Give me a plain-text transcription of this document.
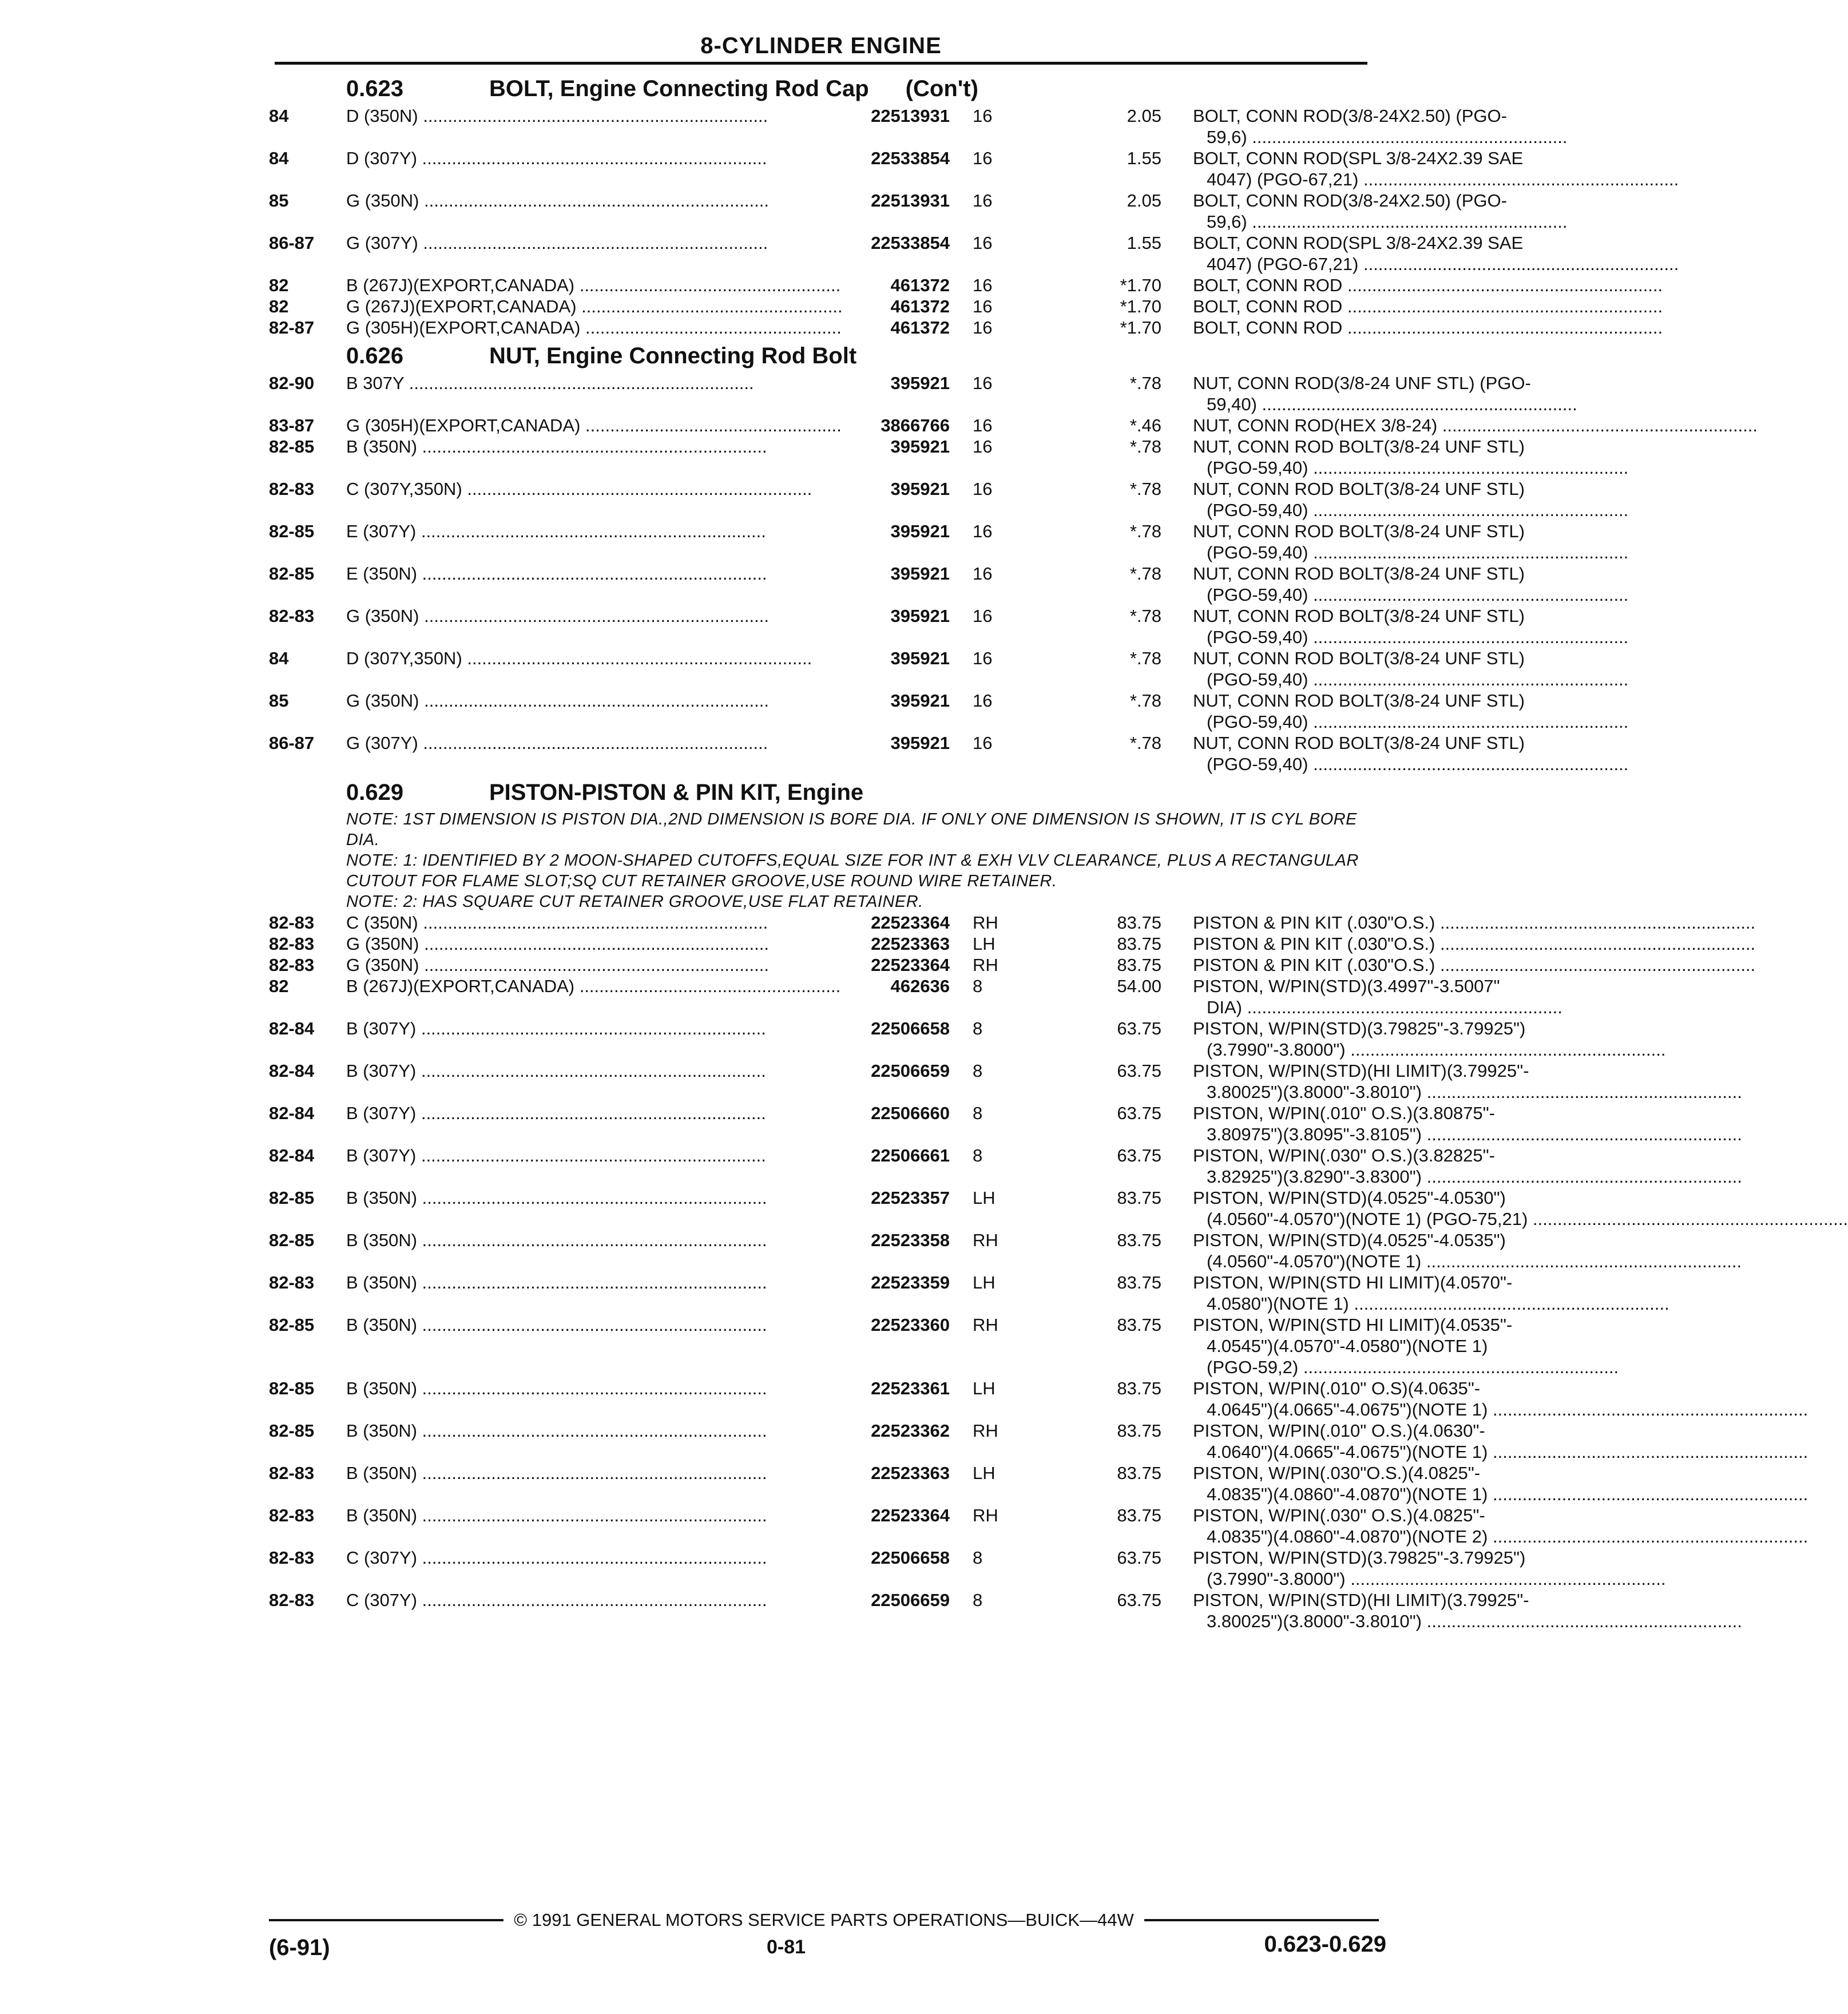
8-CYLINDER ENGINE
0.623	BOLT, Engine Connecting Rod Cap (Con't)
84	D (350N) .....	22513931 16	2.05 BOLT, CONN ROD(3/8-24X2.50) (PGO-
59,6) .....
84	D (307Y) .....	22533854 16	1.55 BOLT, CONN ROD(SPL 3/8-24X2.39 SAE
4047) (PGO-67,21) .....
85	G (350N) .....	22513931 16	2.05 BOLT, CONN ROD(3/8-24X2.50) (PGO-
59,6) .....
86-87 G (307Y) .....	22533854 16	1.55 BOLT, CONN ROD(SPL 3/8-24X2.39 SAE
4047) (PGO-67,21) .....
82	B (267J)(EXPORT,CANADA) .....	461372 16	*1.70 BOLT, CONN ROD .....
82	G (267J)(EXPORT,CANADA) .....	461372 16	*1.70 BOLT, CONN ROD .....
82-87 G (305H)(EXPORT,CANADA) .....	461372 16	*1.70 BOLT, CONN ROD .....
0.626	NUT, Engine Connecting Rod Bolt
82-90 B 307Y .....	395921 16	*.78 NUT, CONN ROD(3/8-24 UNF STL) (PGO-
59,40) .....
83-87 G (305H)(EXPORT,CANADA) .....	3866766 16	*.46 NUT, CONN ROD(HEX 3/8-24) .....
82-85 B (350N) .....	395921 16	*.78 NUT, CONN ROD BOLT(3/8-24 UNF STL)
(PGO-59,40) .....
82-83 C (307Y,350N) .....	395921 16	*.78 NUT, CONN ROD BOLT(3/8-24 UNF STL)
(PGO-59,40) .....
82-85 E (307Y) .....	395921 16	*.78 NUT, CONN ROD BOLT(3/8-24 UNF STL)
(PGO-59,40) .....
82-85 E (350N) .....	395921 16	*.78 NUT, CONN ROD BOLT(3/8-24 UNF STL)
(PGO-59,40) .....
82-83 G (350N) .....	395921 16	*.78 NUT, CONN ROD BOLT(3/8-24 UNF STL)
(PGO-59,40) .....
84	D (307Y,350N) .....	395921 16	*.78 NUT, CONN ROD BOLT(3/8-24 UNF STL)
(PGO-59,40) .....
85	G (350N) .....	395921 16	*.78 NUT, CONN ROD BOLT(3/8-24 UNF STL)
(PGO-59,40) .....
86-87 G (307Y) .....	395921 16	*.78 NUT, CONN ROD BOLT(3/8-24 UNF STL)
(PGO-59,40) .....
0.629	PISTON-PISTON & PIN KIT, Engine
NOTE: 1ST DIMENSION IS PISTON DIA.,2ND DIMENSION IS BORE DIA. IF ONLY ONE DIMENSION IS SHOWN, IT IS CYL BORE DIA.
NOTE: 1: IDENTIFIED BY 2 MOON-SHAPED CUTOFFS,EQUAL SIZE FOR INT & EXH VLV CLEARANCE, PLUS A RECTANGULAR CUTOUT FOR FLAME SLOT;SQ CUT RETAINER GROOVE,USE ROUND WIRE RETAINER.
NOTE: 2: HAS SQUARE CUT RETAINER GROOVE,USE FLAT RETAINER.
82-83 C (350N) .....	22523364 RH	83.75 PISTON & PIN KIT (.030"O.S.) .....
82-83 G (350N) .....	22523363 LH	83.75 PISTON & PIN KIT (.030"O.S.) .....
82-83 G (350N) .....	22523364 RH	83.75 PISTON & PIN KIT (.030"O.S.) .....
82	B (267J)(EXPORT,CANADA) .....	462636 8	54.00 PISTON, W/PIN(STD)(3.4997"-3.5007"
DIA) .....
82-84 B (307Y) .....	22506658 8	63.75 PISTON, W/PIN(STD)(3.79825"-3.79925")
(3.7990"-3.8000") .....
82-84 B (307Y) .....	22506659 8	63.75 PISTON, W/PIN(STD)(HI LIMIT)(3.79925"-
3.80025")(3.8000"-3.8010") .....
82-84 B (307Y) .....	22506660 8	63.75 PISTON, W/PIN(.010" O.S.)(3.80875"-
3.80975")(3.8095"-3.8105") .....
82-84 B (307Y) .....	22506661 8	63.75 PISTON, W/PIN(.030" O.S.)(3.82825"-
3.82925")(3.8290"-3.8300") .....
82-85 B (350N) .....	22523357 LH	83.75 PISTON, W/PIN(STD)(4.0525"-4.0530")
(4.0560"-4.0570")(NOTE 1) (PGO-75,21) .....
82-85 B (350N) .....	22523358 RH	83.75 PISTON, W/PIN(STD)(4.0525"-4.0535")
(4.0560"-4.0570")(NOTE 1) .....
82-83 B (350N) .....	22523359 LH	83.75 PISTON, W/PIN(STD HI LIMIT)(4.0570"-
4.0580")(NOTE 1) .....
82-85 B (350N) .....	22523360 RH	83.75 PISTON, W/PIN(STD HI LIMIT)(4.0535"-
4.0545")(4.0570"-4.0580")(NOTE 1)
(PGO-59,2) .....
82-85 B (350N) .....	22523361 LH	83.75 PISTON, W/PIN(.010" O.S)(4.0635"-
4.0645")(4.0665"-4.0675")(NOTE 1) .....
82-85 B (350N) .....	22523362 RH	83.75 PISTON, W/PIN(.010" O.S.)(4.0630"-
4.0640")(4.0665"-4.0675")(NOTE 1) .....
82-83 B (350N) .....	22523363 LH	83.75 PISTON, W/PIN(.030"O.S.)(4.0825"-
4.0835")(4.0860"-4.0870")(NOTE 1) .....
82-83 B (350N) .....	22523364 RH	83.75 PISTON, W/PIN(.030" O.S.)(4.0825"-
4.0835")(4.0860"-4.0870")(NOTE 2) .....
82-83 C (307Y) .....	22506658 8	63.75 PISTON, W/PIN(STD)(3.79825"-3.79925")
(3.7990"-3.8000") .....
82-83 C (307Y) .....	22506659 8	63.75 PISTON, W/PIN(STD)(HI LIMIT)(3.79925"-
3.80025")(3.8000"-3.8010") .....
© 1991 GENERAL MOTORS SERVICE PARTS OPERATIONS—BUICK—44W
(6-91)	0-81	0.623-0.629
